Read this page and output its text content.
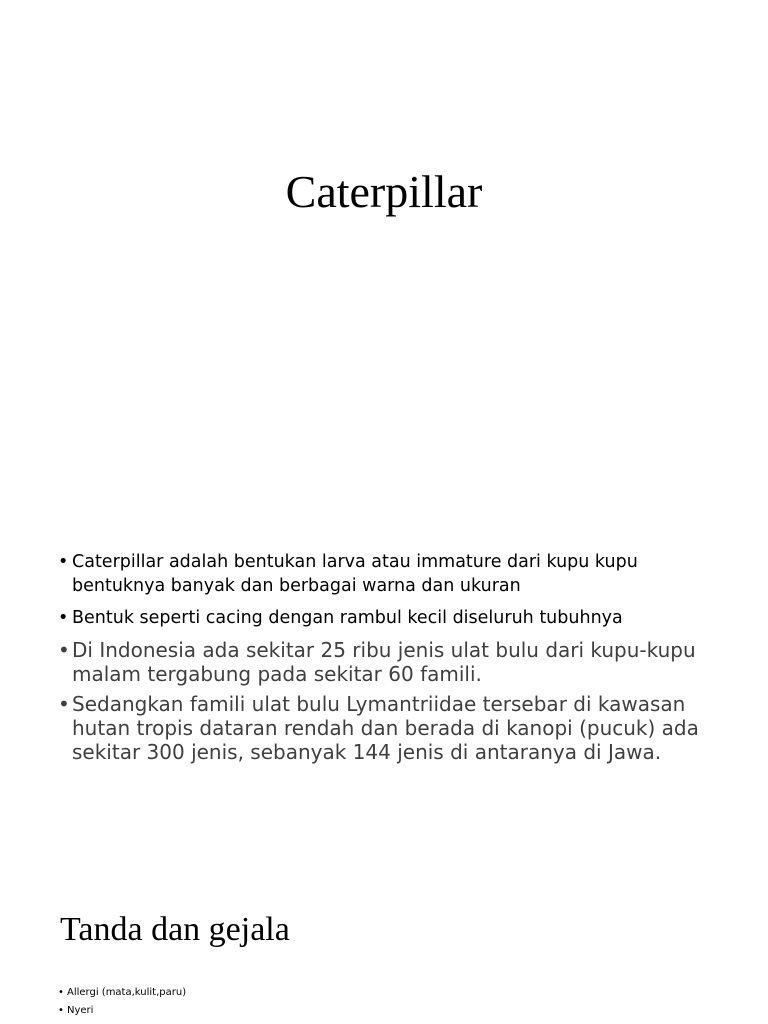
Caterpillar
• Caterpillar adalah bentukan larva atau immature dari kupu kupu bentuknya banyak dan berbagai warna dan ukuran
• Bentuk seperti cacing dengan rambul kecil diseluruh tubuhnya
• Di Indonesia ada sekitar 25 ribu jenis ulat bulu dari kupu-kupu malam tergabung pada sekitar 60 famili.
• Sedangkan famili ulat bulu Lymantriidae tersebar di kawasan hutan tropis dataran rendah dan berada di kanopi (pucuk) ada sekitar 300 jenis, sebanyak 144 jenis di antaranya di Jawa.
Tanda dan gejala
• Allergi (mata,kulit,paru)
• Nyeri
